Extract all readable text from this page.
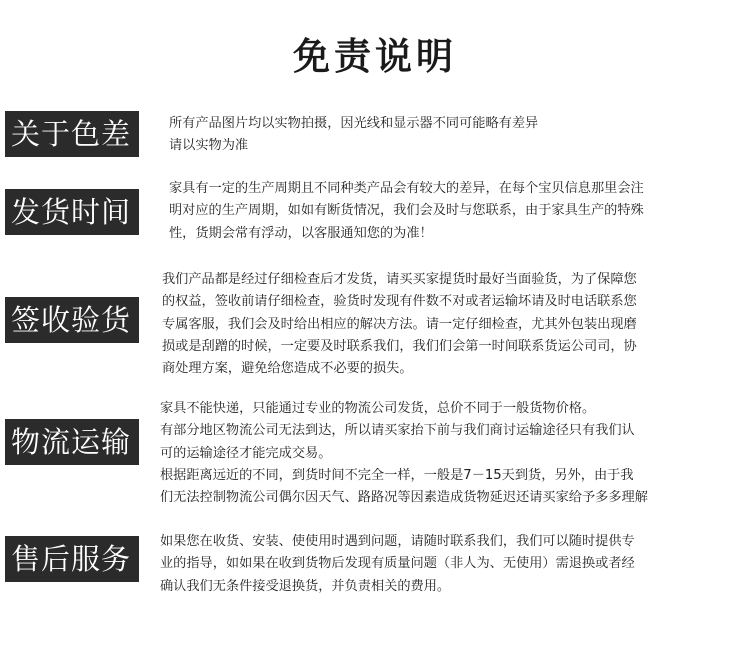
免责说明
关于色差	所有产品图片均以实物拍摄，因光线和显示器不同可能略有差异
请以实物为准
发货时间
家具有一定的生产周期且不同种类产品会有较大的差异，在每个宝贝信息那里会注
明对应的生产周期，如如有断货情况，我们会及时与您联系，由于家具生产的特殊
性，货期会常有浮动，以客服通知您的为准！
签收验货
我们产品都是经过仔细检查后才发货，请买买家提货时最好当面验货，为了保障您
的权益，签收前请仔细检查，验货时发现有件数不对或者运输坏请及时电话联系您
专属客服，我们会及时给出相应的解决方法。请一定仔细检查，尤其外包装出现磨
损或是刮蹭的时候，一定要及时联系我们，我们们会第一时间联系货运公司司，协
商处理方案，避免给您造成不必要的损失。
物流运输
家具不能快递，只能通过专业的物流公司发货，总价不同于一般货物价格。
有部分地区物流公司无法到达，所以请买家抬下前与我们商讨运输途径只有我们认
可的运输途径才能完成交易。
根据距离远近的不同，到货时间不完全一样，一般是7－15天到货，另外，由于我
们无法控制物流公司偶尔因天气、路路况等因素造成货物延迟还请买家给予多多理解
售后服务
如果您在收货、安装、使使用时遇到问题，请随时联系我们，我们可以随时提供专
业的指导，如如果在收到货物后发现有质量问题（非人为、无使用）需退换或者经
确认我们无条件接受退换货，并负责相关的费用。
